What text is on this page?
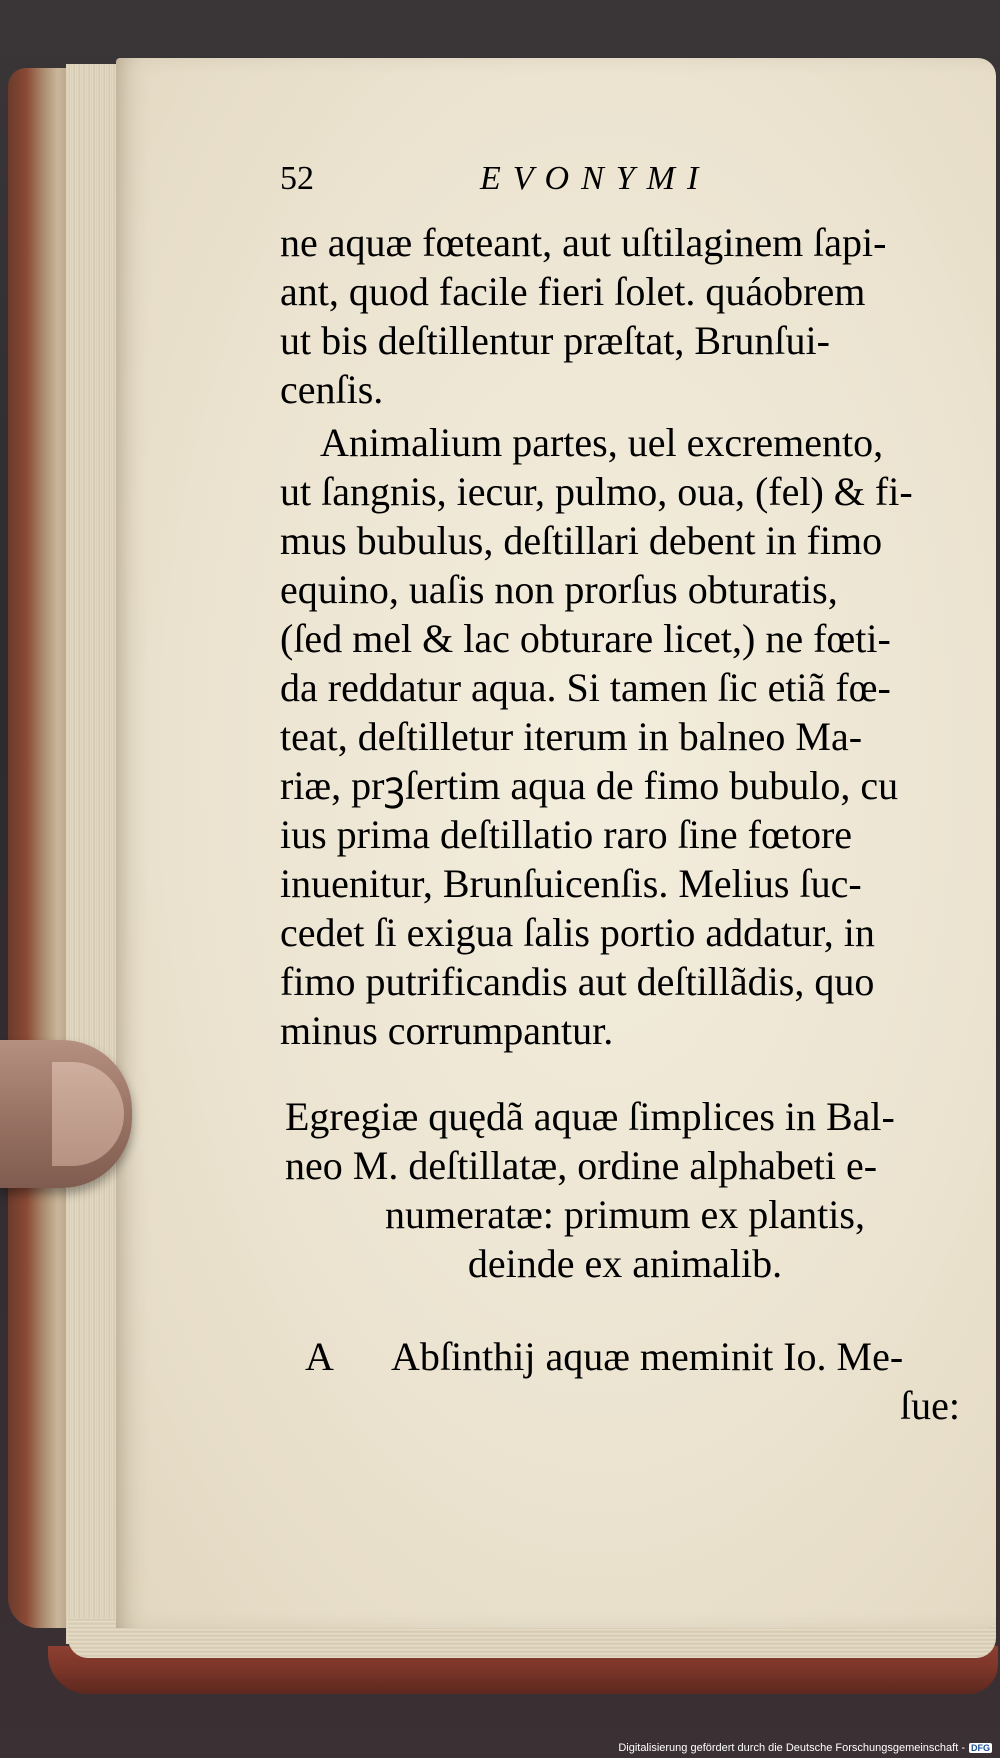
52	EVONYMI
ne aquæ fœteant, aut uſtilaginem ſapi-
ant, quod facile fieri ſolet. quáobrem
ut bis deſtillentur præſtat, Brunſui-
cenſis.
Animalium partes, uel excremento,
ut ſangnis, iecur, pulmo, oua, (fel) & fi-
mus bubulus, deſtillari debent in fimo
equino, uaſis non prorſus obturatis,
(ſed mel & lac obturare licet,) ne fœti-
da reddatur aqua. Si tamen ſic etiã fœ-
teat, deſtilletur iterum in balneo Ma-
riæ, prꝫſertim aqua de fimo bubulo, cu
ius prima deſtillatio raro ſine fœtore
inuenitur, Brunſuicenſis. Melius ſuc-
cedet ſi exigua ſalis portio addatur, in
fimo putrificandis aut deſtillãdis, quo
minus corrumpantur.
Egregiæ quędã aquæ ſimplices in Bal-
neo M. deſtillatæ, ordine alphabeti e-
numeratæ: primum ex plantis,
deinde ex animalib.
A Abſinthij aquæ meminit Io. Me-
ſue:
Digitalisierung gefördert durch die Deutsche Forschungsgemeinschaft - DFG
